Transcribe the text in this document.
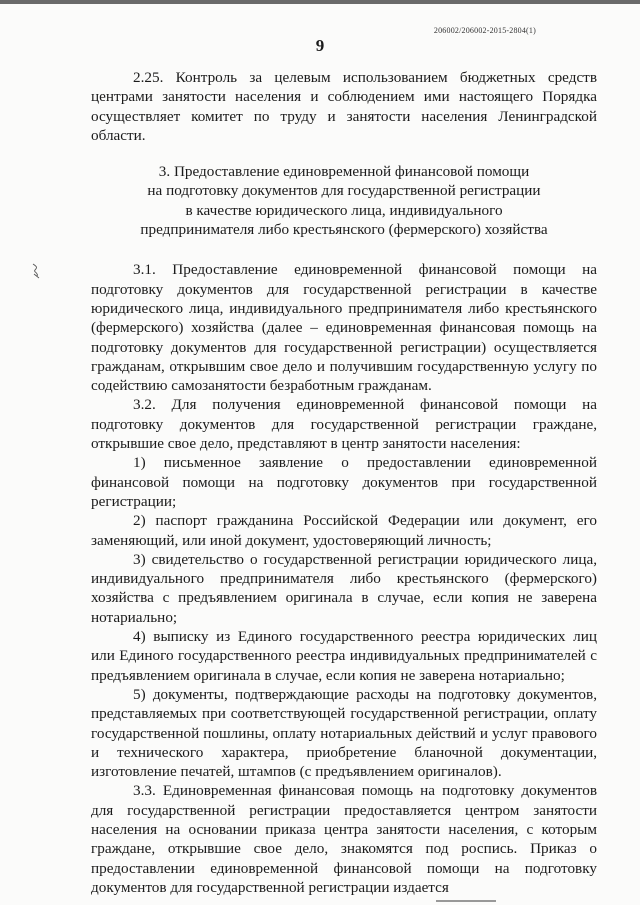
206002/206002-2015-2804(1)
9

2.25. Контроль за целевым использованием бюджетных средств центрами занятости населения и соблюдением ими настоящего Порядка осуществляет комитет по труду и занятости населения Ленинградской области.

3. Предоставление единовременной финансовой помощи
на подготовку документов для государственной регистрации
в качестве юридического лица, индивидуального
предпринимателя либо крестьянского (фермерского) хозяйства

3.1. Предоставление единовременной финансовой помощи на подготовку документов для государственной регистрации в качестве юридического лица, индивидуального предпринимателя либо крестьянского (фермерского) хозяйства (далее – единовременная финансовая помощь на подготовку документов для государственной регистрации) осуществляется гражданам, открывшим свое дело и получившим государственную услугу по содействию самозанятости безработным гражданам.

3.2. Для получения единовременной финансовой помощи на подготовку документов для государственной регистрации граждане, открывшие свое дело, представляют в центр занятости населения:

1) письменное заявление о предоставлении единовременной финансовой помощи на подготовку документов при государственной регистрации;

2) паспорт гражданина Российской Федерации или документ, его заменяющий, или иной документ, удостоверяющий личность;

3) свидетельство о государственной регистрации юридического лица, индивидуального предпринимателя либо крестьянского (фермерского) хозяйства с предъявлением оригинала в случае, если копия не заверена нотариально;

4) выписку из Единого государственного реестра юридических лиц или Единого государственного реестра индивидуальных предпринимателей с предъявлением оригинала в случае, если копия не заверена нотариально;

5) документы, подтверждающие расходы на подготовку документов, представляемых при соответствующей государственной регистрации, оплату государственной пошлины, оплату нотариальных действий и услуг правового и технического характера, приобретение бланочной документации, изготовление печатей, штампов (с предъявлением оригиналов).

3.3. Единовременная финансовая помощь на подготовку документов для государственной регистрации предоставляется центром занятости населения на основании приказа центра занятости населения, с которым граждане, открывшие свое дело, знакомятся под роспись. Приказ о предоставлении единовременной финансовой помощи на подготовку документов для государственной регистрации издается
